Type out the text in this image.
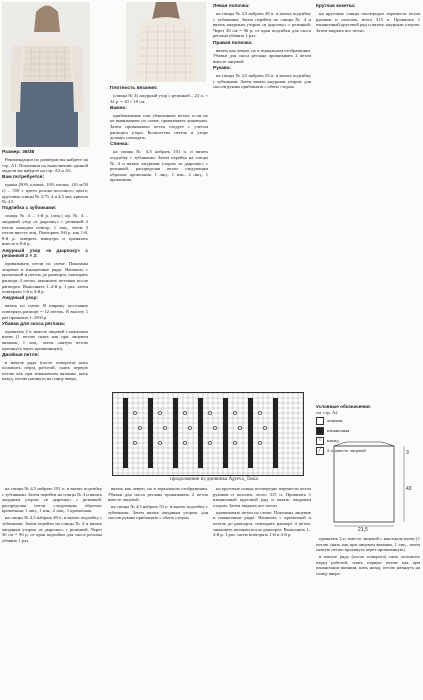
Размер: 36/38

Рекомендации по размерам вы найдете на стр. А1. Показания по выполнению данной модели вы найдете на стр. А2 и А3.

Вам потребуется:

пряжа (90% хлопка, 10% шелка; 110 м/50 г) – 550 г цвета розово-песочного цвета; круговые спицы № 3,75, 4 и 4,5 мм; крючок № 4,5.

Подгибка с зубчиками:

спицы № 4 – 1-й р. (лиц.) пр. № 4 – ажурный узор «в дырочку» с резинкой 2 петли накидом повтор, 1 лиц., затем 2 петли вместе лиц. Повторять 8-й р. как 1-й, 8-й р. заверить вовнутрь и провязать вместе в 8-й р.

Ажурный узор «в дырочку» с резинкой 2 × 2:

провязывать петли по схеме. Показаны лицевые и изнаночные ряды. Начинать с кромочной и петель до раппорта, повторять раппорт 4 петли, закончить петлями после раппорта. Выполнять 1–4-й р. 1 раз, затем повторять 1-й и 4-й р.

Ажурный узор:

вязать по схеме. В ширину постоянно повторять раппорт = 12 петель. В высоту 1 раз провязать 1–38-й р.

Убавки для скоса реглана:

провязать 2 п. вместе лицевой с наклоном влево (1 петлю снять как при лицевом вязании, 1 лиц., затем снятую петлю протянуть через провязанную).

Двойная петля:

в начале ряда (после поворота) нить положить перед работой, снять первую петлю как при изнаночном вязании, нить назад, петлю натянуть на спицу вверх.

Плотность вязания:

(спицы № 4) ажурный узор с резинкой – 23 п. × 32 р. = 10 × 10 см.

Важно:

прибавленные или убавленные петли, если их не вывязывают по схеме, провязывать лицевыми. Затем провязывать петли следует с учетом раппорта узора. Количество петель в узоре должно совпадать.

Спинка:

на спицы № 4,5 набрать 101 п. и вязать подгибку с зубчиками. Затем перейти на спицы № 4 и вязать ажурным узором «в дырочку» с резинкой, распределяя петли следующим образом: кромочная, 1 лиц., 1 изн., 2 лиц., 1 кромочная.

Левая полочка:

на спицы № 4,5 набрать 49 п. и вязать подгибку с зубчиками. Затем перейти на спицы № 4 и вязать ажурным узором «в дырочку» с резинкой. Через 30 см = 96 р. от края подгибки для скоса реглана убавить 1 раз.

Правая полочка:

вязать как левую, но в зеркальном отображении. Убавки для скоса реглана провязывать 2 петли вместе лицевой.

Рукава:

на спицы № 4,5 набрать 53 п. и вязать подгибку с зубчиками. Затем вязать ажурным узором, для скосов рукава прибавлять с обеих сторон.

Круглая кокетка:

на круговые спицы поочередно перенести петли рукавов и полочек, всего 315 п. Провязать 1 изнаночный круговой ряд и вязать ажурным узором. Затем закрыть все петли.

продолжение из дневника Agreva_Tania
Условные обозначения:
см. стр. А2
лицевая
изнаночная
○	накид
╱	2 п. вместе лицевой
21,5
43
3

на спицы № 4,5 набрать 101 п. и вязать подгибку с зубчиками. Затем перейти на спицы № 4 и вязать ажурным узором «в дырочку» с резинкой, распределяя петли следующим образом: кромочная, 1 лиц., 1 изн., 2 лиц., 1 кромочная.

на спицы № 4,5 набрать 49 п. и вязать подгибку с зубчиками. Затем перейти на спицы № 4 и вязать ажурным узором «в дырочку» с резинкой. Через 30 см = 96 р. от края подгибки для скоса реглана убавить 1 раз.

вязать как левую, но в зеркальном отображении. Убавки для скоса реглана провязывать 2 петли вместе лицевой.

на спицы № 4,5 набрать 53 п. и вязать подгибку с зубчиками. Затем вязать ажурным узором, для скосов рукава прибавлять с обеих сторон.

на круговые спицы поочередно перенести петли рукавов и полочек, всего 315 п. Провязать 1 изнаночный круговой ряд и вязать ажурным узором. Затем закрыть все петли.

провязывать петли по схеме. Показаны лицевые и изнаночные ряды. Начинать с кромочной и петель до раппорта, повторять раппорт 4 петли, закончить петлями после раппорта. Выполнять 1–4-й р. 1 раз, затем повторять 1-й и 4-й р.

провязать 2 п. вместе лицевой с наклоном влево (1 петлю снять как при лицевом вязании, 1 лиц., затем снятую петлю протянуть через провязанную).

в начале ряда (после поворота) нить положить перед работой, снять первую петлю как при изнаночном вязании, нить назад, петлю натянуть на спицу вверх.
